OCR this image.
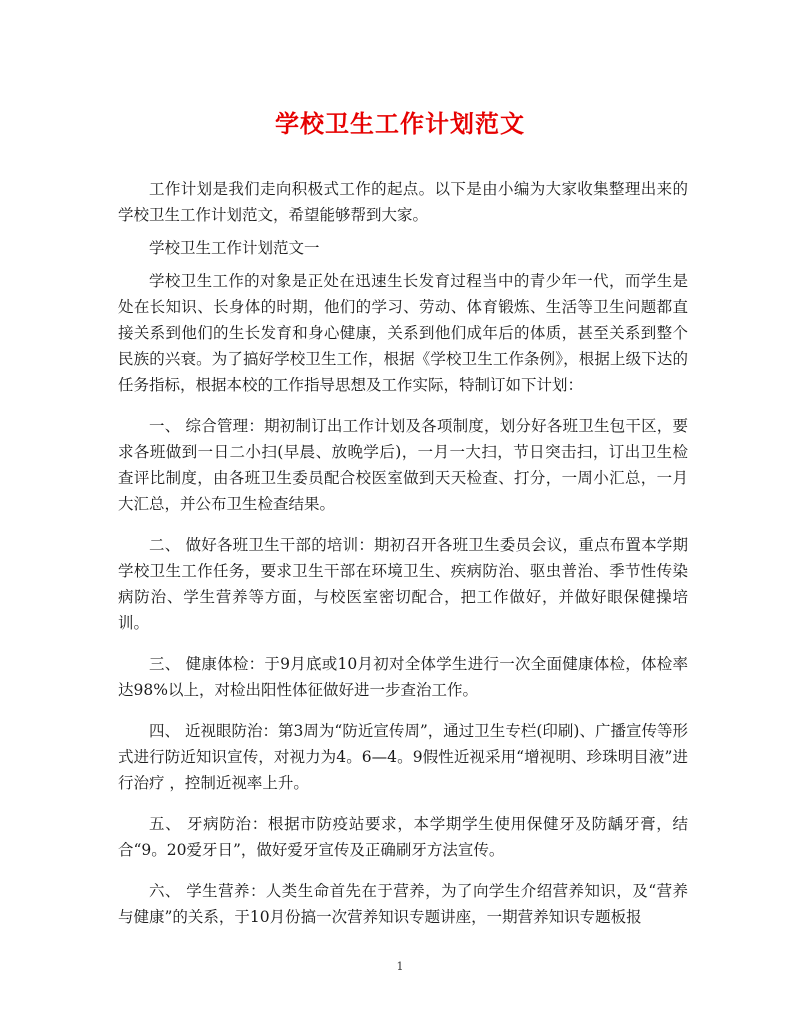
学校卫生工作计划范文

工作计划是我们走向积极式工作的起点。以下是由小编为大家收集整理出来的学校卫生工作计划范文，希望能够帮到大家。

学校卫生工作计划范文一

学校卫生工作的对象是正处在迅速生长发育过程当中的青少年一代，而学生是处在长知识、长身体的时期，他们的学习、劳动、体育锻炼、生活等卫生问题都直接关系到他们的生长发育和身心健康，关系到他们成年后的体质，甚至关系到整个民族的兴衰。为了搞好学校卫生工作，根据《学校卫生工作条例》，根据上级下达的任务指标，根据本校的工作指导思想及工作实际，特制订如下计划：

一、 综合管理：期初制订出工作计划及各项制度，划分好各班卫生包干区，要求各班做到一日二小扫(早晨、放晚学后)，一月一大扫，节日突击扫，订出卫生检查评比制度，由各班卫生委员配合校医室做到天天检查、打分，一周小汇总，一月大汇总，并公布卫生检查结果。

二、 做好各班卫生干部的培训：期初召开各班卫生委员会议，重点布置本学期学校卫生工作任务，要求卫生干部在环境卫生、疾病防治、驱虫普治、季节性传染病防治、学生营养等方面，与校医室密切配合，把工作做好，并做好眼保健操培训。

三、 健康体检：于9月底或10月初对全体学生进行一次全面健康体检，体检率达98%以上，对检出阳性体征做好进一步查治工作。

四、 近视眼防治：第3周为“防近宣传周”，通过卫生专栏(印刷)、广播宣传等形式进行防近知识宣传，对视力为4。6—4。9假性近视采用“增视明、珍珠明目液”进行治疗 ，控制近视率上升。

五、 牙病防治：根据市防疫站要求，本学期学生使用保健牙及防龋牙膏，结合“9。20爱牙日”，做好爱牙宣传及正确刷牙方法宣传。

六、 学生营养：人类生命首先在于营养，为了向学生介绍营养知识，及“营养与健康”的关系，于10月份搞一次营养知识专题讲座，一期营养知识专题板报

1
